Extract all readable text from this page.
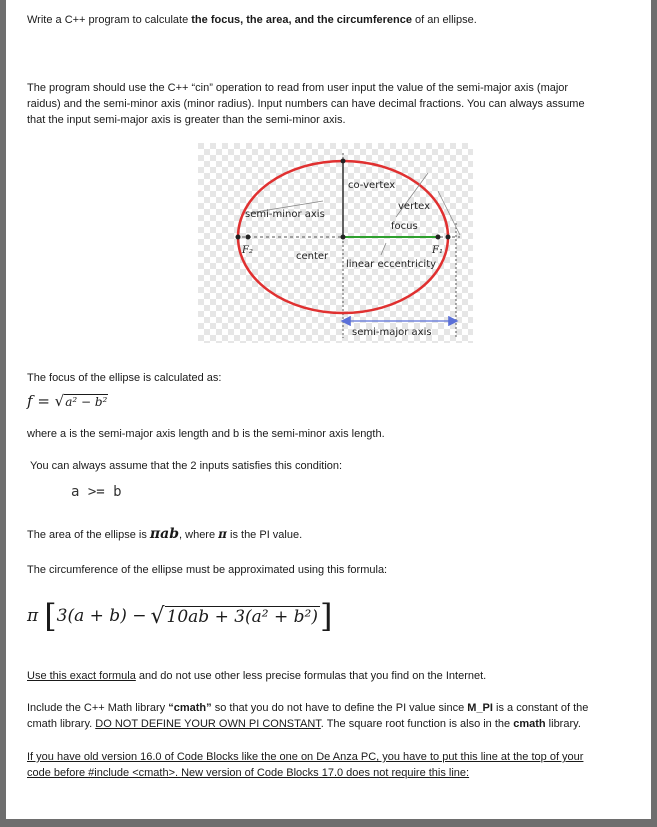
Write a C++ program to calculate the focus, the area, and the circumference of an ellipse.

The program should use the C++ “cin” operation to read from user input the value of the semi-major axis (major
raidus) and the semi-minor axis (minor radius). Input numbers can have decimal fractions. You can always assume
that the input semi-major axis is greater than the semi-minor axis.

co-vertex
vertex
semi-minor axis
focus
F₂	F₁
center
linear eccentricity
semi-major axis

The focus of the ellipse is calculated as:

f = √a² − b²

where a is the semi-major axis length and b is the semi-minor axis length.

You can always assume that the 2 inputs satisfies this condition:

a >= b

The area of the ellipse is πab, where π is the PI value.

The circumference of the ellipse must be approximated using this formula:

π [ 3(a + b) − √ 10ab + 3(a² + b²) ]

Use this exact formula and do not use other less precise formulas that you find on the Internet.

Include the C++ Math library “cmath” so that you do not have to define the PI value since M_PI is a constant of the
cmath library. DO NOT DEFINE YOUR OWN PI CONSTANT. The square root function is also in the cmath library.

If you have old version 16.0 of Code Blocks like the one on De Anza PC, you have to put this line at the top of your
code before #include <cmath>. New version of Code Blocks 17.0 does not require this line:
